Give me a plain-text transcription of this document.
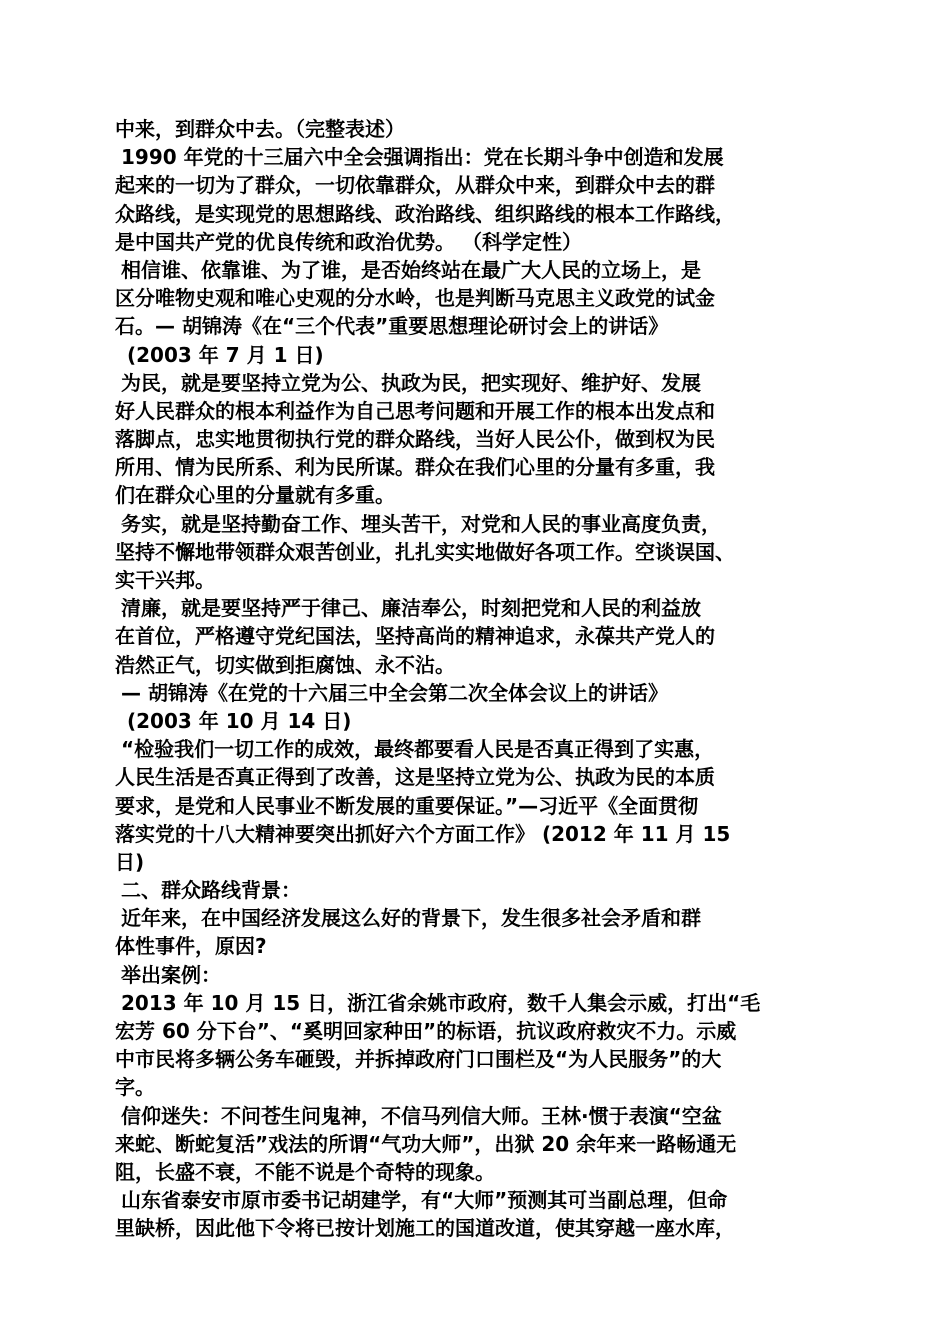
中来，到群众中去。（完整表述）
1990 年党的十三届六中全会强调指出：党在长期斗争中创造和发展
起来的一切为了群众，一切依靠群众，从群众中来，到群众中去的群
众路线，是实现党的思想路线、政治路线、组织路线的根本工作路线，
是中国共产党的优良传统和政治优势。 （科学定性）
相信谁、依靠谁、为了谁，是否始终站在最广大人民的立场上，是
区分唯物史观和唯心史观的分水岭，也是判断马克思主义政党的试金
石。— 胡锦涛《在“三个代表”重要思想理论研讨会上的讲话》
(2003 年 7 月 1 日)
为民，就是要坚持立党为公、执政为民，把实现好、维护好、发展
好人民群众的根本利益作为自己思考问题和开展工作的根本出发点和
落脚点，忠实地贯彻执行党的群众路线，当好人民公仆，做到权为民
所用、情为民所系、利为民所谋。群众在我们心里的分量有多重，我
们在群众心里的分量就有多重。
务实，就是坚持勤奋工作、埋头苦干，对党和人民的事业高度负责，
坚持不懈地带领群众艰苦创业，扎扎实实地做好各项工作。空谈误国、
实干兴邦。
清廉，就是要坚持严于律己、廉洁奉公，时刻把党和人民的利益放
在首位，严格遵守党纪国法，坚持高尚的精神追求，永葆共产党人的
浩然正气，切实做到拒腐蚀、永不沾。
— 胡锦涛《在党的十六届三中全会第二次全体会议上的讲话》
(2003 年 10 月 14 日)
“检验我们一切工作的成效，最终都要看人民是否真正得到了实惠，
人民生活是否真正得到了改善，这是坚持立党为公、执政为民的本质
要求，是党和人民事业不断发展的重要保证。”—习近平《全面贯彻
落实党的十八大精神要突出抓好六个方面工作》 (2012 年 11 月 15
日)
二、群众路线背景：
近年来，在中国经济发展这么好的背景下，发生很多社会矛盾和群
体性事件，原因?
举出案例：
2013 年 10 月 15 日，浙江省余姚市政府，数千人集会示威，打出“毛
宏芳 60 分下台”、“奚明回家种田”的标语，抗议政府救灾不力。示威
中市民将多辆公务车砸毁，并拆掉政府门口围栏及“为人民服务”的大
字。
信仰迷失：不问苍生问鬼神，不信马列信大师。王林·惯于表演“空盆
来蛇、断蛇复活”戏法的所谓“气功大师”，出狱 20 余年来一路畅通无
阻，长盛不衰，不能不说是个奇特的现象。
山东省泰安市原市委书记胡建学，有“大师”预测其可当副总理，但命
里缺桥，因此他下令将已按计划施工的国道改道，使其穿越一座水库，
